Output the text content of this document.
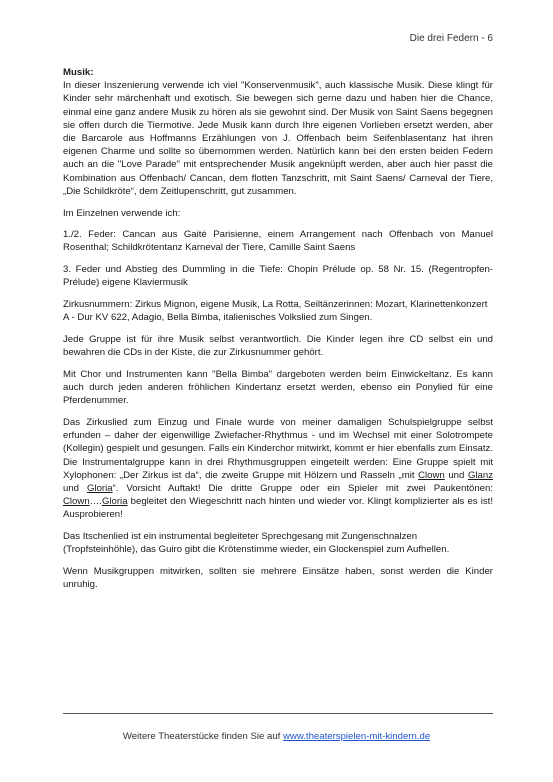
Die drei Federn - 6

Musik:

In dieser Inszenierung verwende ich viel "Konservenmusik", auch klassische Musik. Diese klingt für Kinder sehr märchenhaft und exotisch. Sie bewegen sich gerne dazu und haben hier die Chance, einmal eine ganz andere Musik zu hören als sie gewohnt sind. Der Musik von Saint Saens begegnen sie offen durch die Tiermotive. Jede Musik kann durch Ihre eigenen Vorlieben ersetzt werden, aber die Barcarole aus Hoffmanns Erzählungen von J. Offenbach beim Seifenblasentanz hat ihren eigenen Charme und sollte so übernommen werden. Natürlich kann bei den ersten beiden Federn auch an die "Love Parade" mit entsprechender Musik angeknüpft werden, aber auch hier passt die Kombination aus Offenbach/ Cancan, dem flotten Tanzschritt, mit Saint Saens/ Carneval der Tiere, „Die Schildkröte“, dem Zeitlupenschritt, gut zusammen.

Im Einzelnen verwende ich:

1./2. Feder: Cancan aus Gaité Parisienne, einem Arrangement nach Offenbach von Manuel Rosenthal; Schildkrötentanz Karneval der Tiere, Camille Saint Saens

3. Feder und Abstieg des Dummling in die Tiefe: Chopin Prélude op. 58 Nr. 15. (Regentropfen-Prélude) eigene Klaviermusik

Zirkusnummern: Zirkus Mignon, eigene Musik, La Rotta, Seiltänzerinnen: Mozart, Klarinettenkonzert A - Dur KV 622, Adagio, Bella Bimba, italienisches Volkslied zum Singen.

Jede Gruppe ist für ihre Musik selbst verantwortlich. Die Kinder legen ihre CD selbst ein und bewahren die CDs in der Kiste, die zur Zirkusnummer gehört.

Mit Chor und Instrumenten kann "Bella Bimba" dargeboten werden beim Einwickeltanz. Es kann auch durch jeden anderen fröhlichen Kindertanz ersetzt werden, ebenso ein Ponylied für eine Pferdenummer.

Das Zirkuslied zum Einzug und Finale wurde von meiner damaligen Schulspielgruppe selbst erfunden – daher der eigenwillige Zwiefacher-Rhythmus - und im Wechsel mit einer Solotrompete (Kollegin) gespielt und gesungen. Falls ein Kinderchor mitwirkt, kommt er hier ebenfalls zum Einsatz. Die Instrumentalgruppe kann in drei Rhythmusgruppen eingeteilt werden: Eine Gruppe spielt mit Xylophonen: „Der Zirkus ist da“, die zweite Gruppe mit Hölzern und Rasseln „mit Clown und Glanz und Gloria“. Vorsicht Auftakt! Die dritte Gruppe oder ein Spieler mit zwei Paukentönen: Clown….Gloria begleitet den Wiegeschritt nach hinten und wieder vor. Klingt komplizierter als es ist! Ausprobieren!

Das Itschenlied ist ein instrumental begleiteter Sprechgesang mit Zungenschnalzen (Tropfsteinhöhle), das Guiro gibt die Krötenstimme wieder, ein Glockenspiel zum Aufhellen.

Wenn Musikgruppen mitwirken, sollten sie mehrere Einsätze haben, sonst werden die Kinder unruhig.

Weitere Theaterstücke finden Sie auf www.theaterspielen-mit-kindern.de
